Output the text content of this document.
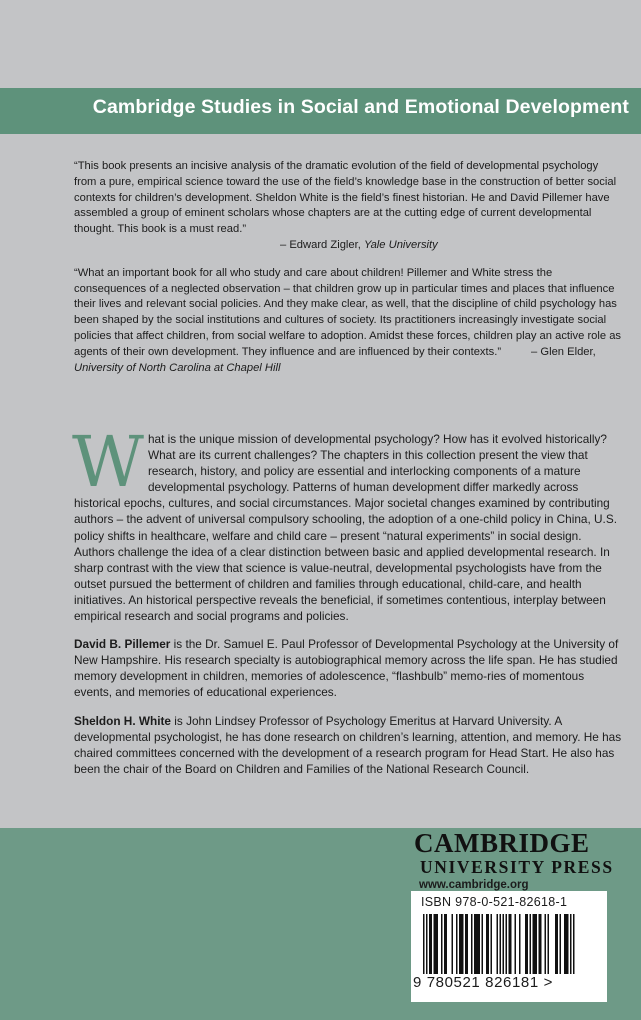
Cambridge Studies in Social and Emotional Development

“This book presents an incisive analysis of the dramatic evolution of the field of developmental psychology from a pure, empirical science toward the use of the field’s knowledge base in the construction of better social contexts for children’s development. Sheldon White is the field’s finest historian. He and David Pillemer have assembled a group of eminent scholars whose chapters are at the cutting edge of current developmental thought. This book is a must read.”

– Edward Zigler, Yale University

“What an important book for all who study and care about children! Pillemer and White stress the consequences of a neglected observation – that children grow up in particular times and places that influence their lives and relevant social policies. And they make clear, as well, that the discipline of child psychology has been shaped by the social institutions and cultures of society. Its practitioners increasingly investigate social policies that affect children, from social welfare to adoption. Amidst these forces, children play an active role as agents of their own development. They influence and are influenced by their contexts.”	– Glen Elder, University of North Carolina at Chapel Hill

W hat is the unique mission of developmental psychology? How has it evolved historically? What are its current challenges? The chapters in this collection present the view that research, history, and policy are essential and interlocking components of a mature developmental psychology. Patterns of human development differ markedly across historical epochs, cultures, and social circumstances. Major societal changes examined by contributing authors – the advent of universal compulsory schooling, the adoption of a one-child policy in China, U.S. policy shifts in healthcare, welfare and child care – present “natural experiments” in social design. Authors challenge the idea of a clear distinction between basic and applied developmental research. In sharp contrast with the view that science is value-neutral, developmental psychologists have from the outset pursued the betterment of children and families through educational, child-care, and health initiatives. An historical perspective reveals the beneficial, if sometimes contentious, interplay between empirical research and social programs and policies.

David B. Pillemer is the Dr. Samuel E. Paul Professor of Developmental Psychology at the University of New Hampshire. His research specialty is autobiographical memory across the life span. He has studied memory development in children, memories of adolescence, “flashbulb” memo-ries of momentous events, and memories of educational experiences.

Sheldon H. White is John Lindsey Professor of Psychology Emeritus at Harvard University. A developmental psychologist, he has done research on children’s learning, attention, and memory. He has chaired committees concerned with the development of a research program for Head Start. He also has been the chair of the Board on Children and Families of the National Research Council.

CAMBRIDGE
UNIVERSITY PRESS
www.cambridge.org
ISBN 978-0-521-82618-1
9 780521 826181 >
